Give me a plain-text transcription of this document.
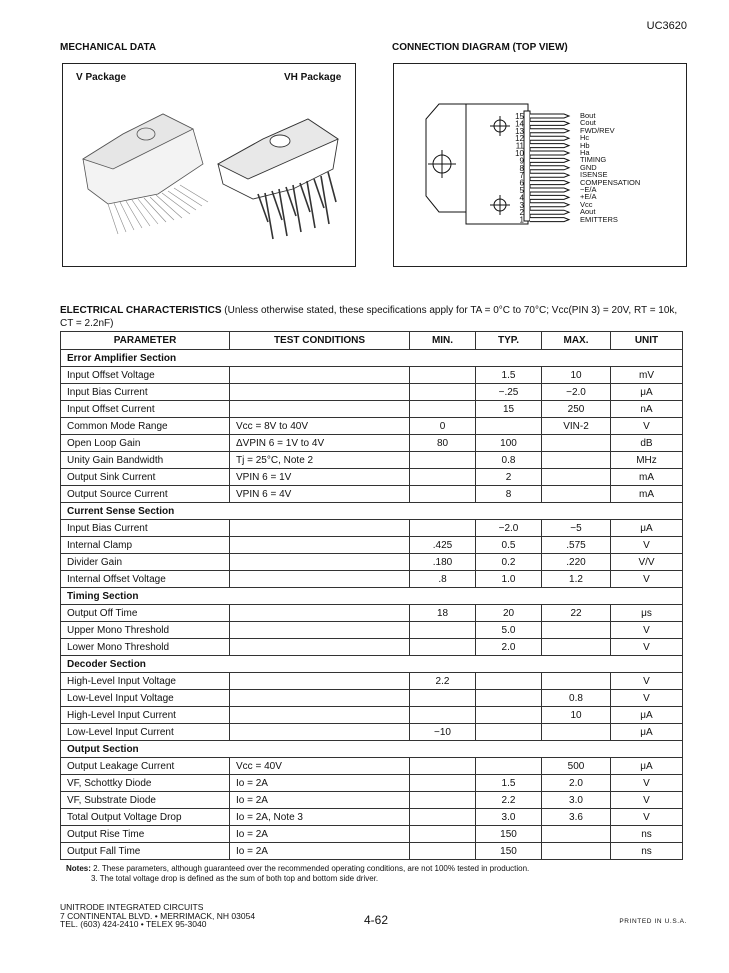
UC3620
MECHANICAL DATA	CONNECTION DIAGRAM (TOP VIEW)
V Package	VH Package
15
14
13
12
11
10
9
8
7
6
5
4
3
2
1
Bout
Cout
FWD/REV
Hc
Hb
Ha
TIMING
GND
ISENSE
COMPENSATION
−E/A
+E/A
Vcc
Aout
EMITTERS
ELECTRICAL CHARACTERISTICS (Unless otherwise stated, these specifications apply for TA = 0°C to 70°C; Vcc(PIN 3) = 20V, RT = 10k, CT = 2.2nF)
PARAMETER	TEST CONDITIONS	MIN.	TYP.	MAX.	UNIT
Error Amplifier Section					
Input Offset Voltage			1.5	10	mV
Input Bias Current			−.25	−2.0	μA
Input Offset Current			15	250	nA
Common Mode Range	Vcc = 8V to 40V	0		VIN-2	V
Open Loop Gain	ΔVPIN 6 = 1V to 4V	80	100		dB
Unity Gain Bandwidth	Tj = 25°C, Note 2		0.8		MHz
Output Sink Current	VPIN 6 = 1V		2		mA
Output Source Current	VPIN 6 = 4V		8		mA
Current Sense Section					
Input Bias Current			−2.0	−5	μA
Internal Clamp		.425	0.5	.575	V
Divider Gain		.180	0.2	.220	V/V
Internal Offset Voltage		.8	1.0	1.2	V
Timing Section					
Output Off Time		18	20	22	μs
Upper Mono Threshold			5.0		V
Lower Mono Threshold			2.0		V
Decoder Section					
High-Level Input Voltage		2.2			V
Low-Level Input Voltage				0.8	V
High-Level Input Current				10	μA
Low-Level Input Current		−10			μA
Output Section					
Output Leakage Current	Vcc = 40V			500	μA
VF, Schottky Diode	Io = 2A		1.5	2.0	V
VF, Substrate Diode	Io = 2A		2.2	3.0	V
Total Output Voltage Drop	Io = 2A, Note 3		3.0	3.6	V
Output Rise Time	Io = 2A		150		ns
Output Fall Time	Io = 2A		150		ns
Notes: 2. These parameters, although guaranteed over the recommended operating conditions, are not 100% tested in production.
3. The total voltage drop is defined as the sum of both top and bottom side driver.
UNITRODE INTEGRATED CIRCUITS
7 CONTINENTAL BLVD. • MERRIMACK, NH 03054
TEL. (603) 424-2410 • TELEX 95-3040	4-62	PRINTED IN U.S.A.
